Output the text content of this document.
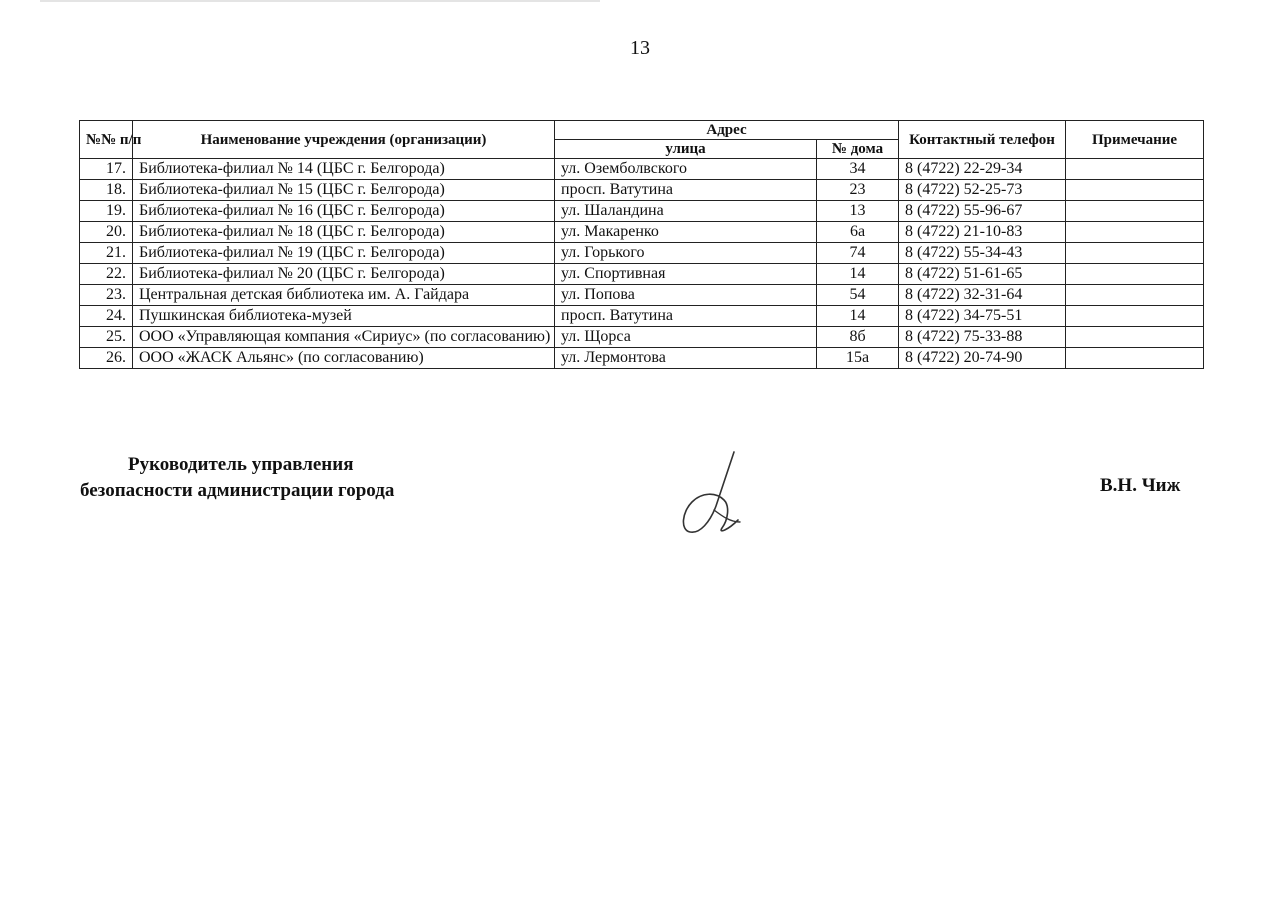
13
№№ п/п	Наименование учреждения (организации)	Адрес		Контактный телефон	Примечание
		улица	№ дома		
17.	Библиотека-филиал № 14 (ЦБС г. Белгорода)	ул. Оземболвского	34	8 (4722) 22-29-34	
18.	Библиотека-филиал № 15 (ЦБС г. Белгорода)	просп. Ватутина	23	8 (4722) 52-25-73	
19.	Библиотека-филиал № 16 (ЦБС г. Белгорода)	ул. Шаландина	13	8 (4722) 55-96-67	
20.	Библиотека-филиал № 18 (ЦБС г. Белгорода)	ул. Макаренко	6а	8 (4722) 21-10-83	
21.	Библиотека-филиал № 19 (ЦБС г. Белгорода)	ул. Горького	74	8 (4722) 55-34-43	
22.	Библиотека-филиал № 20 (ЦБС г. Белгорода)	ул. Спортивная	14	8 (4722) 51-61-65	
23.	Центральная детская библиотека им. А. Гайдара	ул. Попова	54	8 (4722) 32-31-64	
24.	Пушкинская библиотека-музей	просп. Ватутина	14	8 (4722) 34-75-51	
25.	ООО «Управляющая компания «Сириус» (по согласованию)	ул. Щорса	8б	8 (4722) 75-33-88	
26.	ООО «ЖАСК Альянс» (по согласованию)	ул. Лермонтова	15а	8 (4722) 20-74-90	
Руководитель управления
безопасности администрации города	В.Н. Чиж
